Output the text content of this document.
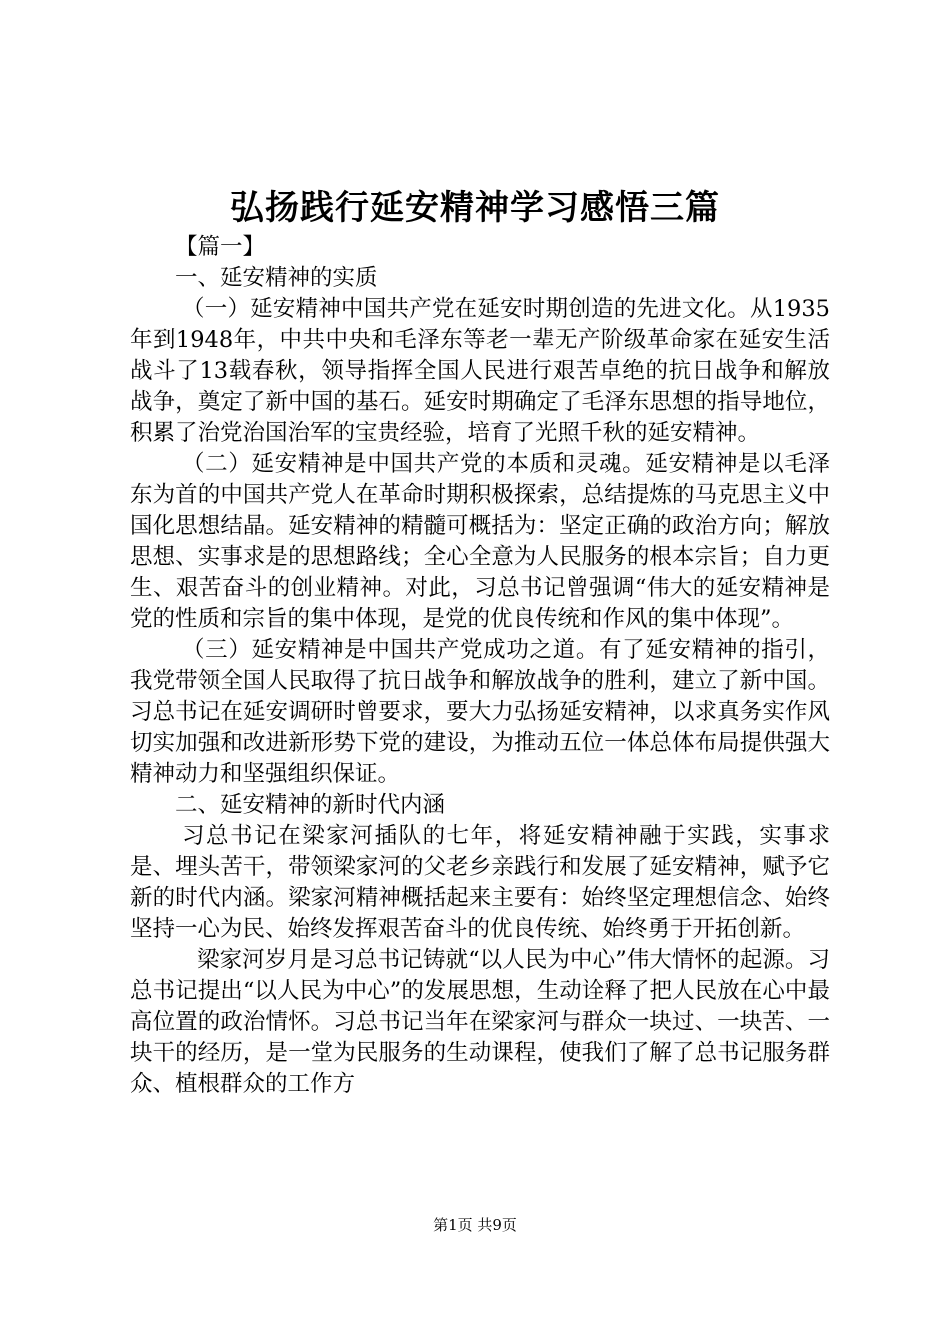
弘扬践行延安精神学习感悟三篇

【篇一】

一、延安精神的实质

（一）延安精神中国共产党在延安时期创造的先进文化。从1935年到1948年，中共中央和毛泽东等老一辈无产阶级革命家在延安生活战斗了13载春秋，领导指挥全国人民进行艰苦卓绝的抗日战争和解放战争，奠定了新中国的基石。延安时期确定了毛泽东思想的指导地位，积累了治党治国治军的宝贵经验，培育了光照千秋的延安精神。

（二）延安精神是中国共产党的本质和灵魂。延安精神是以毛泽东为首的中国共产党人在革命时期积极探索，总结提炼的马克思主义中国化思想结晶。延安精神的精髓可概括为：坚定正确的政治方向；解放思想、实事求是的思想路线；全心全意为人民服务的根本宗旨；自力更生、艰苦奋斗的创业精神。对此，习总书记曾强调“伟大的延安精神是党的性质和宗旨的集中体现，是党的优良传统和作风的集中体现”。

（三）延安精神是中国共产党成功之道。有了延安精神的指引，我党带领全国人民取得了抗日战争和解放战争的胜利，建立了新中国。习总书记在延安调研时曾要求，要大力弘扬延安精神，以求真务实作风切实加强和改进新形势下党的建设，为推动五位一体总体布局提供强大精神动力和坚强组织保证。

二、延安精神的新时代内涵

习总书记在梁家河插队的七年，将延安精神融于实践，实事求是、埋头苦干，带领梁家河的父老乡亲践行和发展了延安精神，赋予它新的时代内涵。梁家河精神概括起来主要有：始终坚定理想信念、始终坚持一心为民、始终发挥艰苦奋斗的优良传统、始终勇于开拓创新。

梁家河岁月是习总书记铸就“以人民为中心”伟大情怀的起源。习总书记提出“以人民为中心”的发展思想，生动诠释了把人民放在心中最高位置的政治情怀。习总书记当年在梁家河与群众一块过、一块苦、一块干的经历，是一堂为民服务的生动课程，使我们了解了总书记服务群众、植根群众的工作方

第1页 共9页
